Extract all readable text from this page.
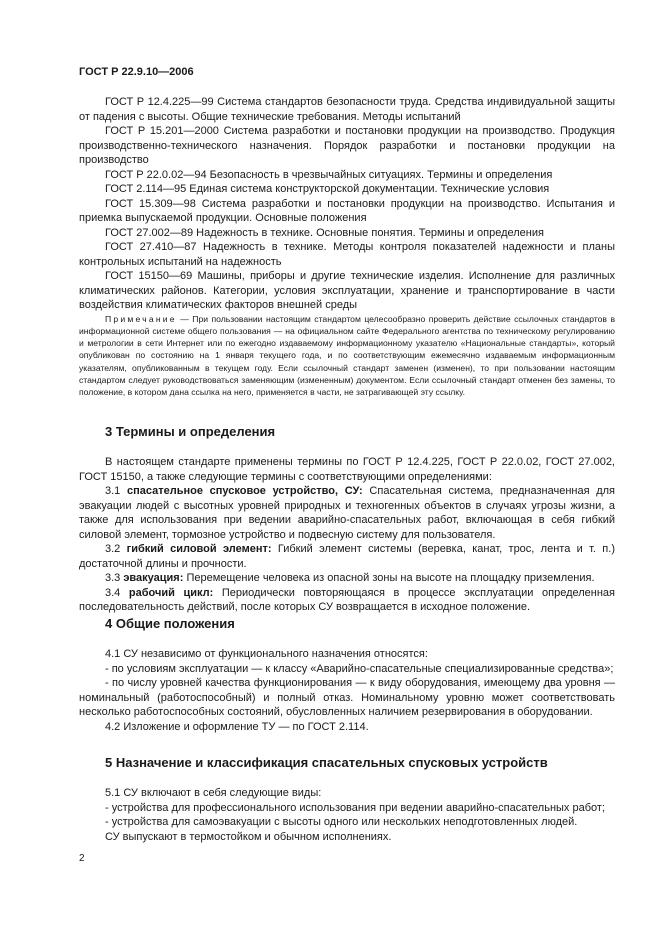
ГОСТ Р 22.9.10—2006

ГОСТ Р 12.4.225—99 Система стандартов безопасности труда. Средства индивидуальной защиты от падения с высоты. Общие технические требования. Методы испытаний

ГОСТ Р 15.201—2000 Система разработки и постановки продукции на производство. Продукция производственно-технического назначения. Порядок разработки и постановки продукции на производство

ГОСТ Р 22.0.02—94 Безопасность в чрезвычайных ситуациях. Термины и определения

ГОСТ 2.114—95 Единая система конструкторской документации. Технические условия

ГОСТ 15.309—98 Система разработки и постановки продукции на производство. Испытания и приемка выпускаемой продукции. Основные положения

ГОСТ 27.002—89 Надежность в технике. Основные понятия. Термины и определения

ГОСТ 27.410—87 Надежность в технике. Методы контроля показателей надежности и планы контрольных испытаний на надежность

ГОСТ 15150—69 Машины, приборы и другие технические изделия. Исполнение для различных климатических районов. Категории, условия эксплуатации, хранение и транспортирование в части воздействия климатических факторов внешней среды

Примечание — При пользовании настоящим стандартом целесообразно проверить действие ссылочных стандартов в информационной системе общего пользования — на официальном сайте Федерального агентства по техническому регулированию и метрологии в сети Интернет или по ежегодно издаваемому информационному указателю «Национальные стандарты», который опубликован по состоянию на 1 января текущего года, и по соответствующим ежемесячно издаваемым информационным указателям, опубликованным в текущем году. Если ссылочный стандарт заменен (изменен), то при пользовании настоящим стандартом следует руководствоваться заменяющим (измененным) документом. Если ссылочный стандарт отменен без замены, то положение, в котором дана ссылка на него, применяется в части, не затрагивающей эту ссылку.

3 Термины и определения

В настоящем стандарте применены термины по ГОСТ Р 12.4.225, ГОСТ Р 22.0.02, ГОСТ 27.002, ГОСТ 15150, а также следующие термины с соответствующими определениями:

3.1 спасательное спусковое устройство, СУ: Спасательная система, предназначенная для эвакуации людей с высотных уровней природных и техногенных объектов в случаях угрозы жизни, а также для использования при ведении аварийно-спасательных работ, включающая в себя гибкий силовой элемент, тормозное устройство и подвесную систему для пользователя.

3.2 гибкий силовой элемент: Гибкий элемент системы (веревка, канат, трос, лента и т. п.) достаточной длины и прочности.

3.3 эвакуация: Перемещение человека из опасной зоны на высоте на площадку приземления.

3.4 рабочий цикл: Периодически повторяющаяся в процессе эксплуатации определенная последовательность действий, после которых СУ возвращается в исходное положение.

4 Общие положения

4.1 СУ независимо от функционального назначения относятся:

- по условиям эксплуатации — к классу «Аварийно-спасательные специализированные средства»;

- по числу уровней качества функционирования — к виду оборудования, имеющему два уровня — номинальный (работоспособный) и полный отказ. Номинальному уровню может соответствовать несколько работоспособных состояний, обусловленных наличием резервирования в оборудовании.

4.2 Изложение и оформление ТУ — по ГОСТ 2.114.

5 Назначение и классификация спасательных спусковых устройств

5.1 СУ включают в себя следующие виды:

- устройства для профессионального использования при ведении аварийно-спасательных работ;

- устройства для самоэвакуации с высоты одного или нескольких неподготовленных людей.

СУ выпускают в термостойком и обычном исполнениях.

2
